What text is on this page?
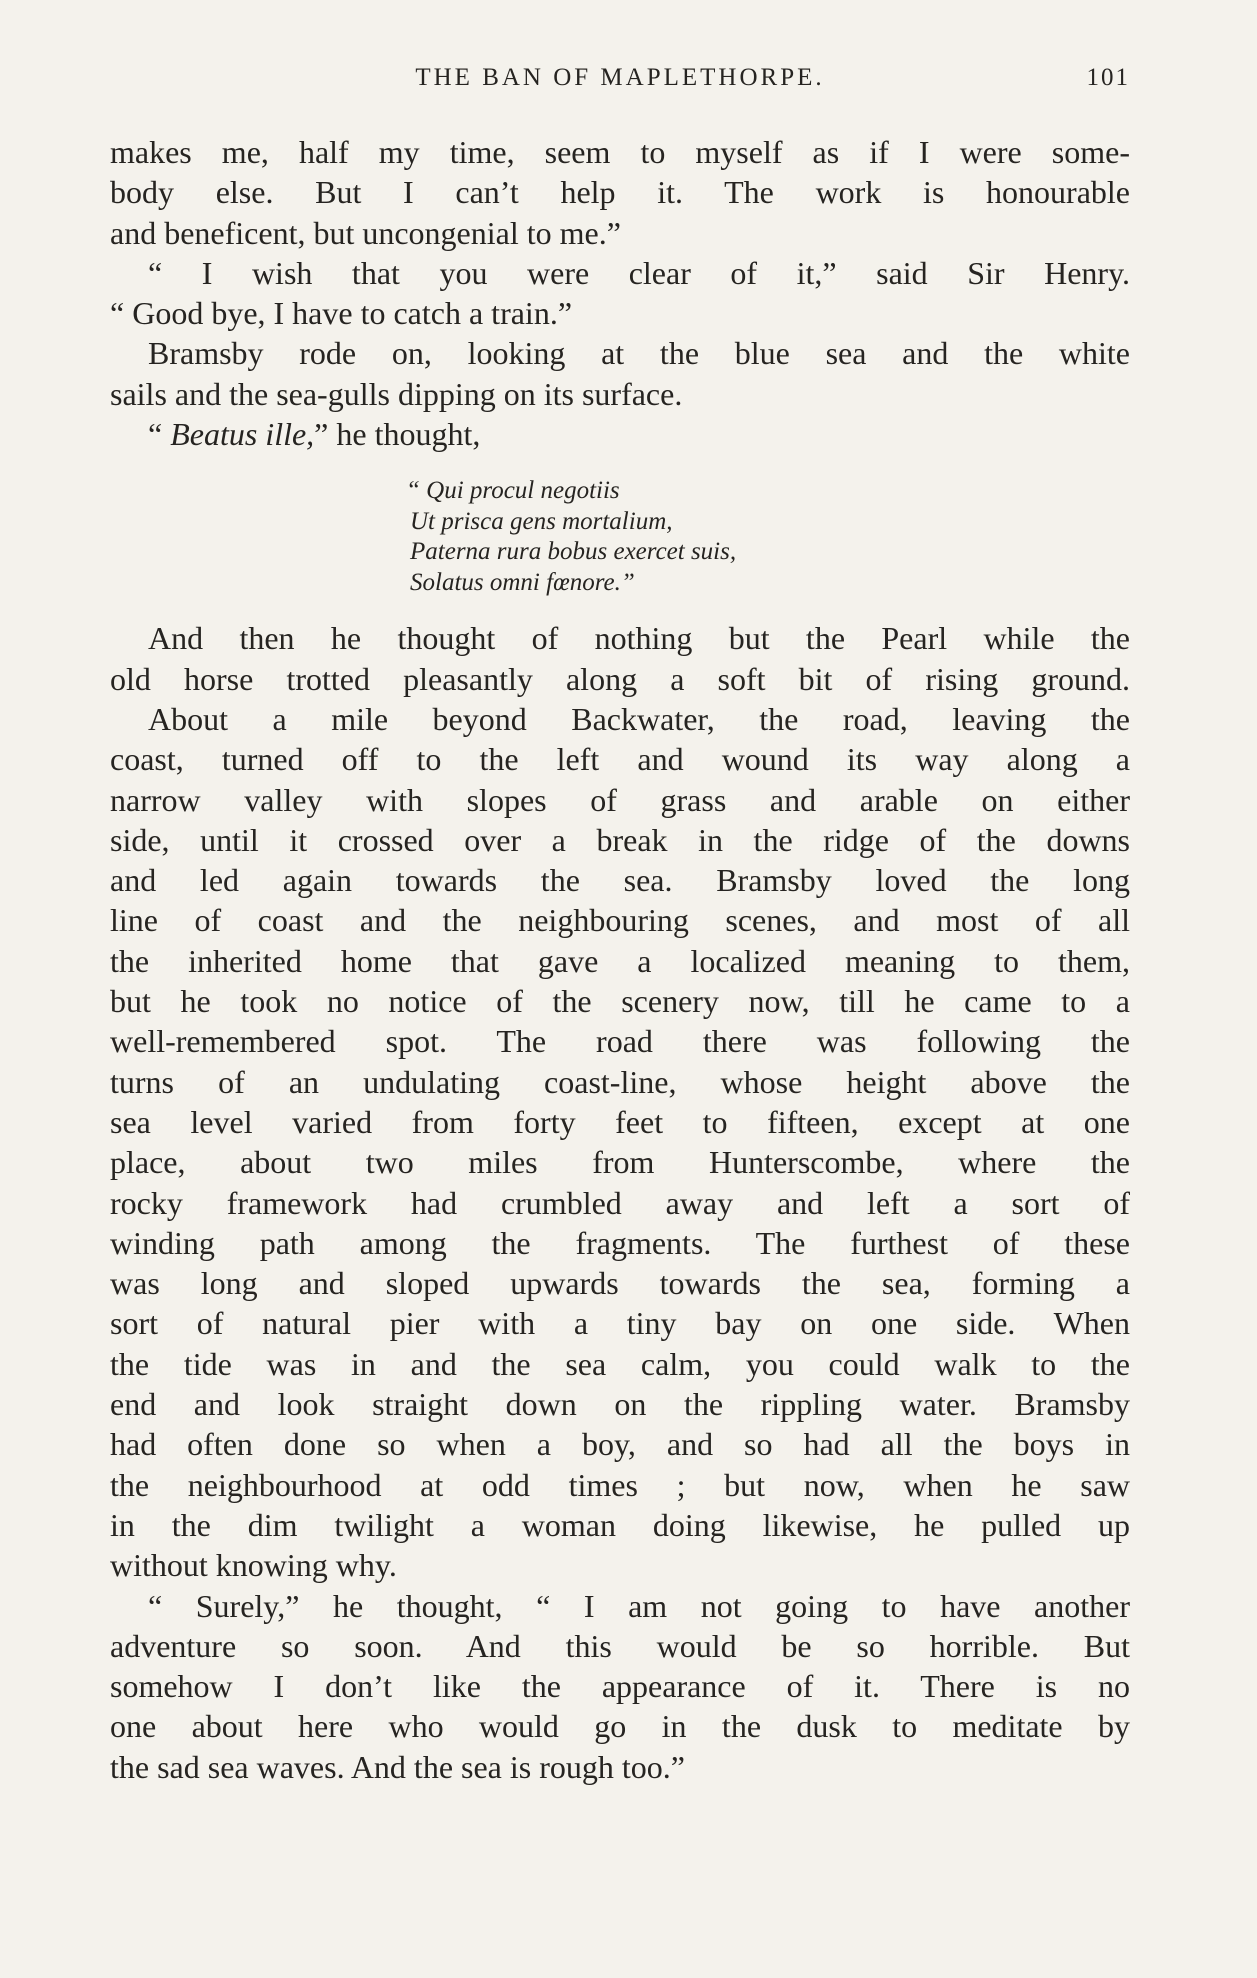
THE BAN OF MAPLETHORPE.	101
makes me, half my time, seem to myself as if I were some-
body else. But I can’t help it. The work is honourable
and beneficent, but uncongenial to me.”
“ I wish that you were clear of it,” said Sir Henry.
“ Good bye, I have to catch a train.”
Bramsby rode on, looking at the blue sea and the white
sails and the sea-gulls dipping on its surface.
“ Beatus ille,” he thought,
“ Qui procul negotiis
Ut prisca gens mortalium,
Paterna rura bobus exercet suis,
Solatus omni fœnore.”
And then he thought of nothing but the Pearl while the
old horse trotted pleasantly along a soft bit of rising ground.
About a mile beyond Backwater, the road, leaving the
coast, turned off to the left and wound its way along a
narrow valley with slopes of grass and arable on either
side, until it crossed over a break in the ridge of the downs
and led again towards the sea. Bramsby loved the long
line of coast and the neighbouring scenes, and most of all
the inherited home that gave a localized meaning to them,
but he took no notice of the scenery now, till he came to a
well-remembered spot. The road there was following the
turns of an undulating coast-line, whose height above the
sea level varied from forty feet to fifteen, except at one
place, about two miles from Hunterscombe, where the
rocky framework had crumbled away and left a sort of
winding path among the fragments. The furthest of these
was long and sloped upwards towards the sea, forming a
sort of natural pier with a tiny bay on one side. When
the tide was in and the sea calm, you could walk to the
end and look straight down on the rippling water. Bramsby
had often done so when a boy, and so had all the boys in
the neighbourhood at odd times ; but now, when he saw
in the dim twilight a woman doing likewise, he pulled up
without knowing why.
“ Surely,” he thought, “ I am not going to have another
adventure so soon. And this would be so horrible. But
somehow I don’t like the appearance of it. There is no
one about here who would go in the dusk to meditate by
the sad sea waves. And the sea is rough too.”
